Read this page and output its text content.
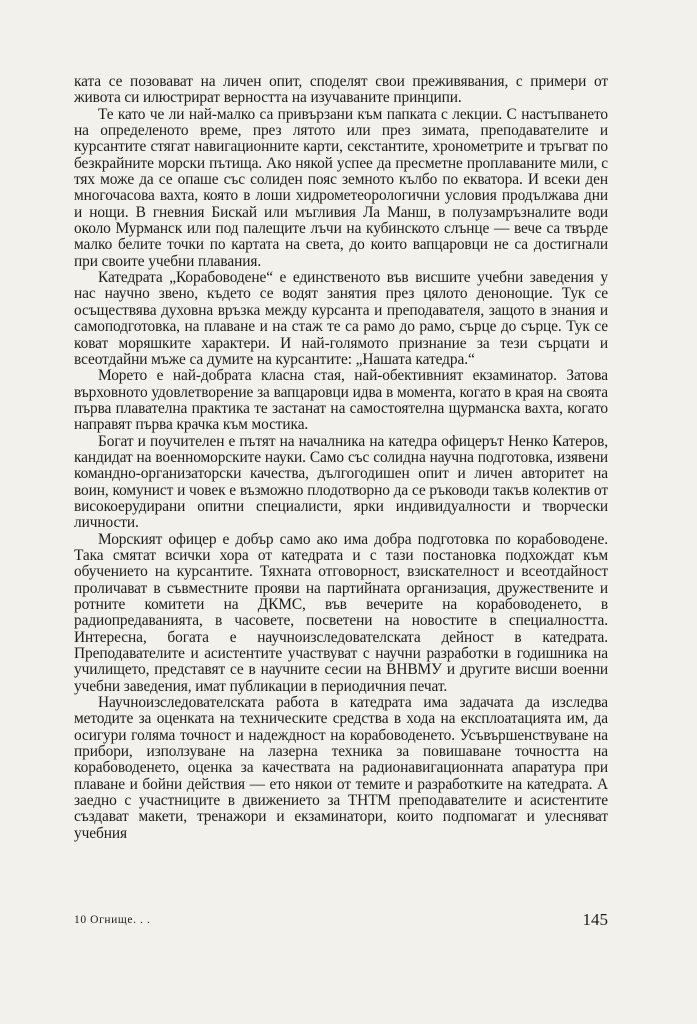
ката се позовават на личен опит, споделят свои преживявания, с примери от живота си илюстрират верността на изучаваните принципи.

Те като че ли най-малко са привързани към папката с лекции. С настъпването на определеното време, през лятото или през зимата, преподавателите и курсантите стягат навигационните карти, секстантите, хронометрите и тръгват по безкрайните морски пътища. Ако някой успее да пресметне проплаваните мили, с тях може да се опаше със солиден пояс земното кълбо по екватора. И всеки ден многочасова вахта, която в лоши хидрометеорологични условия продължава дни и нощи. В гневния Бискай или мъгливия Ла Манш, в полузамръзналите води около Мурманск или под палещите лъчи на кубинското слънце — вече са твърде малко белите точки по картата на света, до които вапцаровци не са достигнали при своите учебни плавания.

Катедрата „Корабоводене“ е единственото във висшите учебни заведения у нас научно звено, където се водят занятия през цялото денонощие. Тук се осъществява духовна връзка между курсанта и преподавателя, защото в знания и самоподготовка, на плаване и на стаж те са рамо до рамо, сърце до сърце. Тук се коват моряшките характери. И най-голямото признание за тези сърцати и всеотдайни мъже са думите на курсантите: „Нашата катедра.“

Морето е най-добрата класна стая, най-обективният екзаминатор. Затова върховното удовлетворение за вапцаровци идва в момента, когато в края на своята първа плавателна практика те застанат на самостоятелна щурманска вахта, когато направят първа крачка към мостика.

Богат и поучителен е пътят на началника на катедра офицерът Ненко Катеров, кандидат на военноморските науки. Само със солидна научна подготовка, изявени командно-организаторски качества, дългогодишен опит и личен авторитет на воин, комунист и човек е възможно плодотворно да се ръководи такъв колектив от високоерудирани опитни специалисти, ярки индивидуалности и творчески личности.

Морският офицер е добър само ако има добра подготовка по корабоводене. Така смятат всички хора от катедрата и с тази постановка подхождат към обучението на курсантите. Тяхната отговорност, взискателност и всеотдайност проличават в съвместните прояви на партийната организация, дружествените и ротните комитети на ДКМС, във вечерите на корабоводенето, в радиопредаванията, в часовете, посветени на новостите в специалността. Интересна, богата е научноизследователската дейност в катедрата. Преподавателите и асистентите участвуват с научни разработки в годишника на училището, представят се в научните сесии на ВНВМУ и другите висши военни учебни заведения, имат публикации в периодичния печат.

Научноизследователската работа в катедрата има задачата да изследва методите за оценката на техническите средства в хода на експлоатацията им, да осигури голяма точност и надеждност на корабоводенето. Усъвършенствуване на прибори, използуване на лазерна техника за повишаване точността на корабоводенето, оценка за качествата на радионавигационната апаратура при плаване и бойни действия — ето някои от темите и разработките на катедрата. А заедно с участниците в движението за ТНТМ преподавателите и асистентите създават макети, тренажори и екзаминатори, които подпомагат и улесняват учебния

10 Огнище. . .	145
